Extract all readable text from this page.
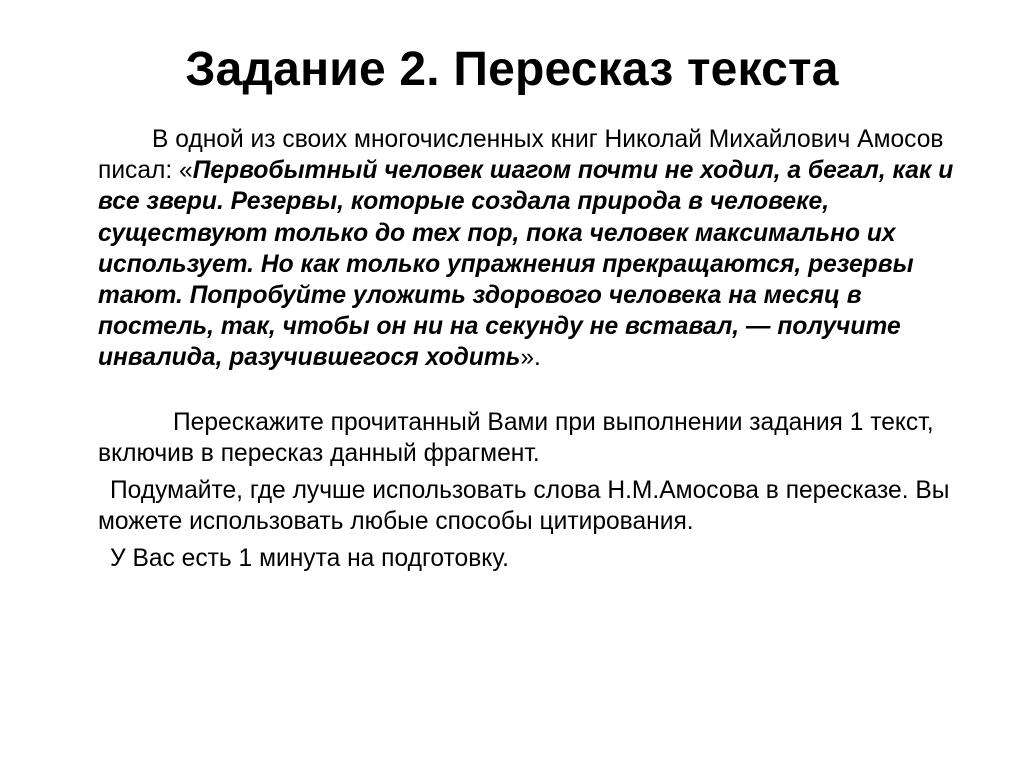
Задание 2. Пересказ текста

В одной из своих многочисленных книг Николай Михайлович Амосов писал: «Первобытный человек шагом почти не ходил, а бегал, как и все звери. Резервы, которые создала природа в человеке, существуют только до тех пор, пока человек максимально их использует. Но как только упражнения прекращаются, резервы тают. Попробуйте уложить здорового человека на месяц в постель, так, чтобы он ни на секунду не вставал, — получите инвалида, разучившегося ходить».

Перескажите прочитанный Вами при выполнении задания 1 текст, включив в пересказ данный фрагмент.

Подумайте, где лучше использовать слова Н.М.Амосова в пересказе. Вы можете использовать любые способы цитирования.

У Вас есть 1 минута на подготовку.
